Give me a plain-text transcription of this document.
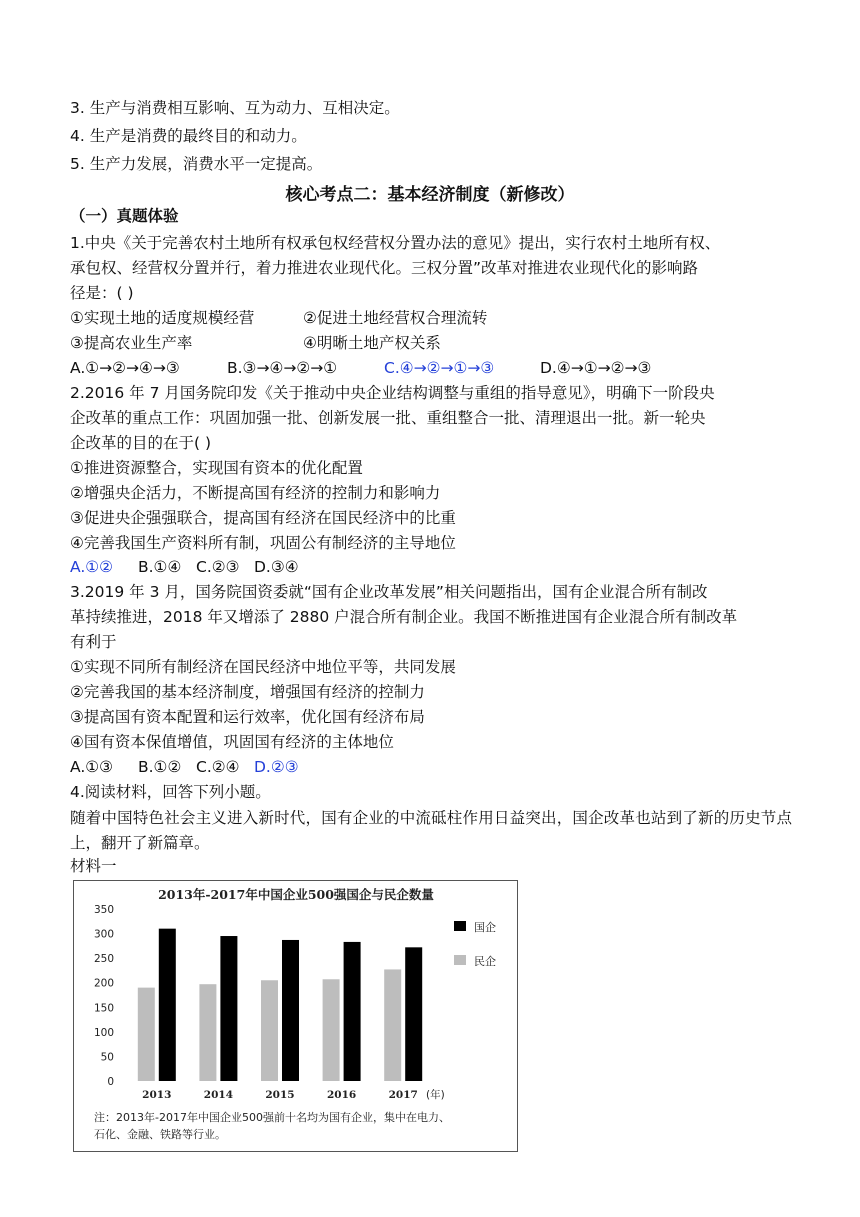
3. 生产与消费相互影响、互为动力、互相决定。
4. 生产是消费的最终目的和动力。
5. 生产力发展，消费水平一定提高。
核心考点二：基本经济制度（新修改）
（一）真题体验
1.中央《关于完善农村土地所有权承包权经营权分置办法的意见》提出，实行农村土地所有权、
承包权、经营权分置并行，着力推进农业现代化。三权分置”改革对推进农业现代化的影响路
径是：( )
①实现土地的适度规模经营	②促进土地经营权合理流转
③提高农业生产率	④明晰土地产权关系
A.①→②→④→③	B.③→④→②→①	C.④→②→①→③	D.④→①→②→③
2.2016 年 7 月国务院印发《关于推动中央企业结构调整与重组的指导意见》，明确下一阶段央
企改革的重点工作：巩固加强一批、创新发展一批、重组整合一批、清理退出一批。新一轮央
企改革的目的在于( )
①推进资源整合，实现国有资本的优化配置
②增强央企活力，不断提高国有经济的控制力和影响力
③促进央企强强联合，提高国有经济在国民经济中的比重
④完善我国生产资料所有制，巩固公有制经济的主导地位
A.①② B.①④ C.②③ D.③④
3.2019 年 3 月，国务院国资委就“国有企业改革发展”相关问题指出，国有企业混合所有制改
革持续推进，2018 年又增添了 2880 户混合所有制企业。我国不断推进国有企业混合所有制改革
有利于
①实现不同所有制经济在国民经济中地位平等，共同发展
②完善我国的基本经济制度，增强国有经济的控制力
③提高国有资本配置和运行效率，优化国有经济布局
④国有资本保值增值，巩固国有经济的主体地位
A.①③ B.①② C.②④ D.②③
4.阅读材料，回答下列小题。
随着中国特色社会主义进入新时代，国有企业的中流砥柱作用日益突出，国企改革也站到了新的历史节点上，翻开了新篇章。
材料一
2013年-2017年中国企业500强国企与民企数量
0
50
100
150
200
250
300
350
2013	2014	2015	2016	2017 (年)
国企
民企
注：2013年-2017年中国企业500强前十名均为国有企业，集中在电力、
石化、金融、铁路等行业。
